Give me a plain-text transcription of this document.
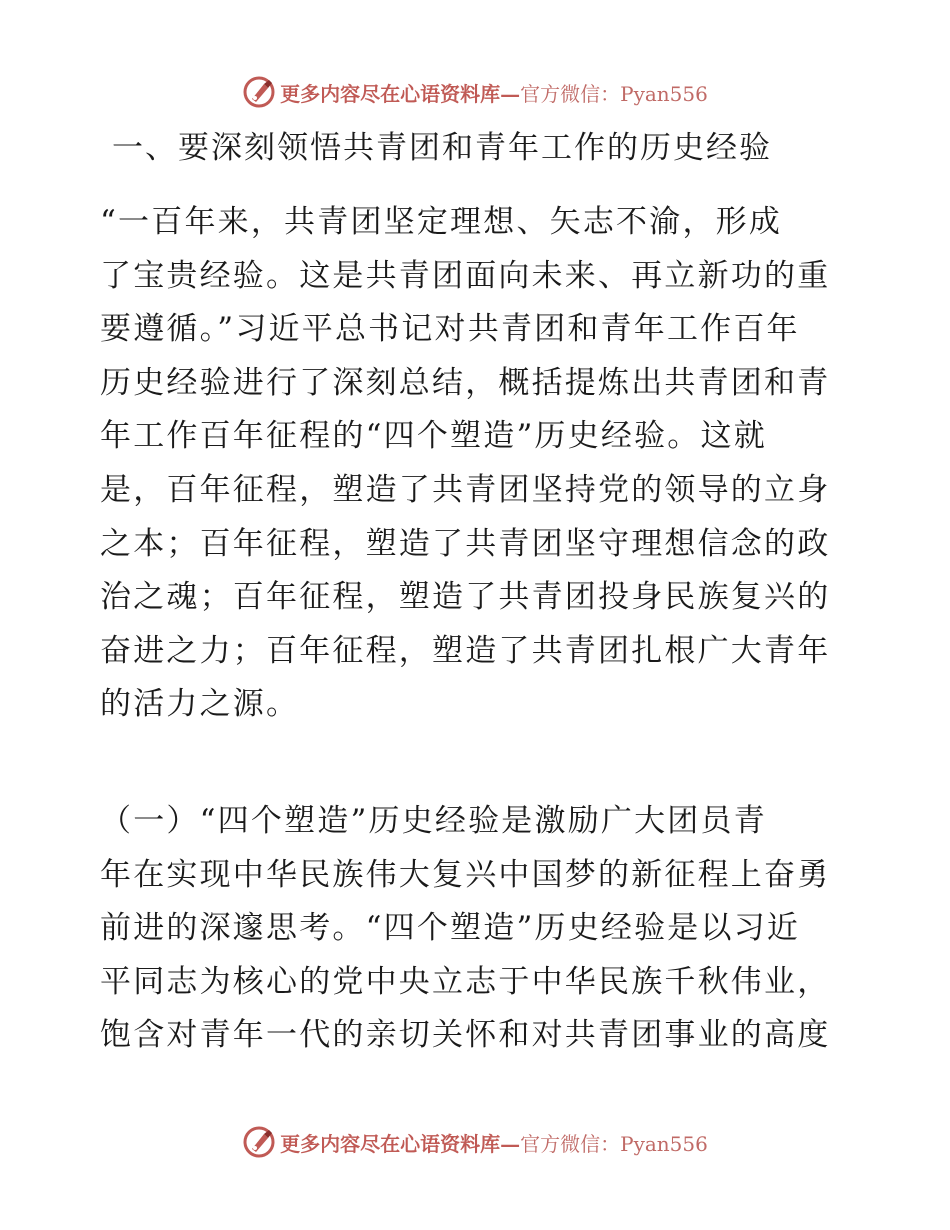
更多内容尽在心语资料库—官方微信：Pyan556
一、要深刻领悟共青团和青年工作的历史经验

“一百年来，共青团坚定理想、矢志不渝，形成
了宝贵经验。这是共青团面向未来、再立新功的重
要遵循。”习近平总书记对共青团和青年工作百年
历史经验进行了深刻总结，概括提炼出共青团和青
年工作百年征程的“四个塑造”历史经验。这就
是，百年征程，塑造了共青团坚持党的领导的立身
之本；百年征程，塑造了共青团坚守理想信念的政
治之魂；百年征程，塑造了共青团投身民族复兴的
奋进之力；百年征程，塑造了共青团扎根广大青年
的活力之源。

（一）“四个塑造”历史经验是激励广大团员青
年在实现中华民族伟大复兴中国梦的新征程上奋勇
前进的深邃思考。“四个塑造”历史经验是以习近
平同志为核心的党中央立志于中华民族千秋伟业，
饱含对青年一代的亲切关怀和对共青团事业的高度

更多内容尽在心语资料库—官方微信：Pyan556
